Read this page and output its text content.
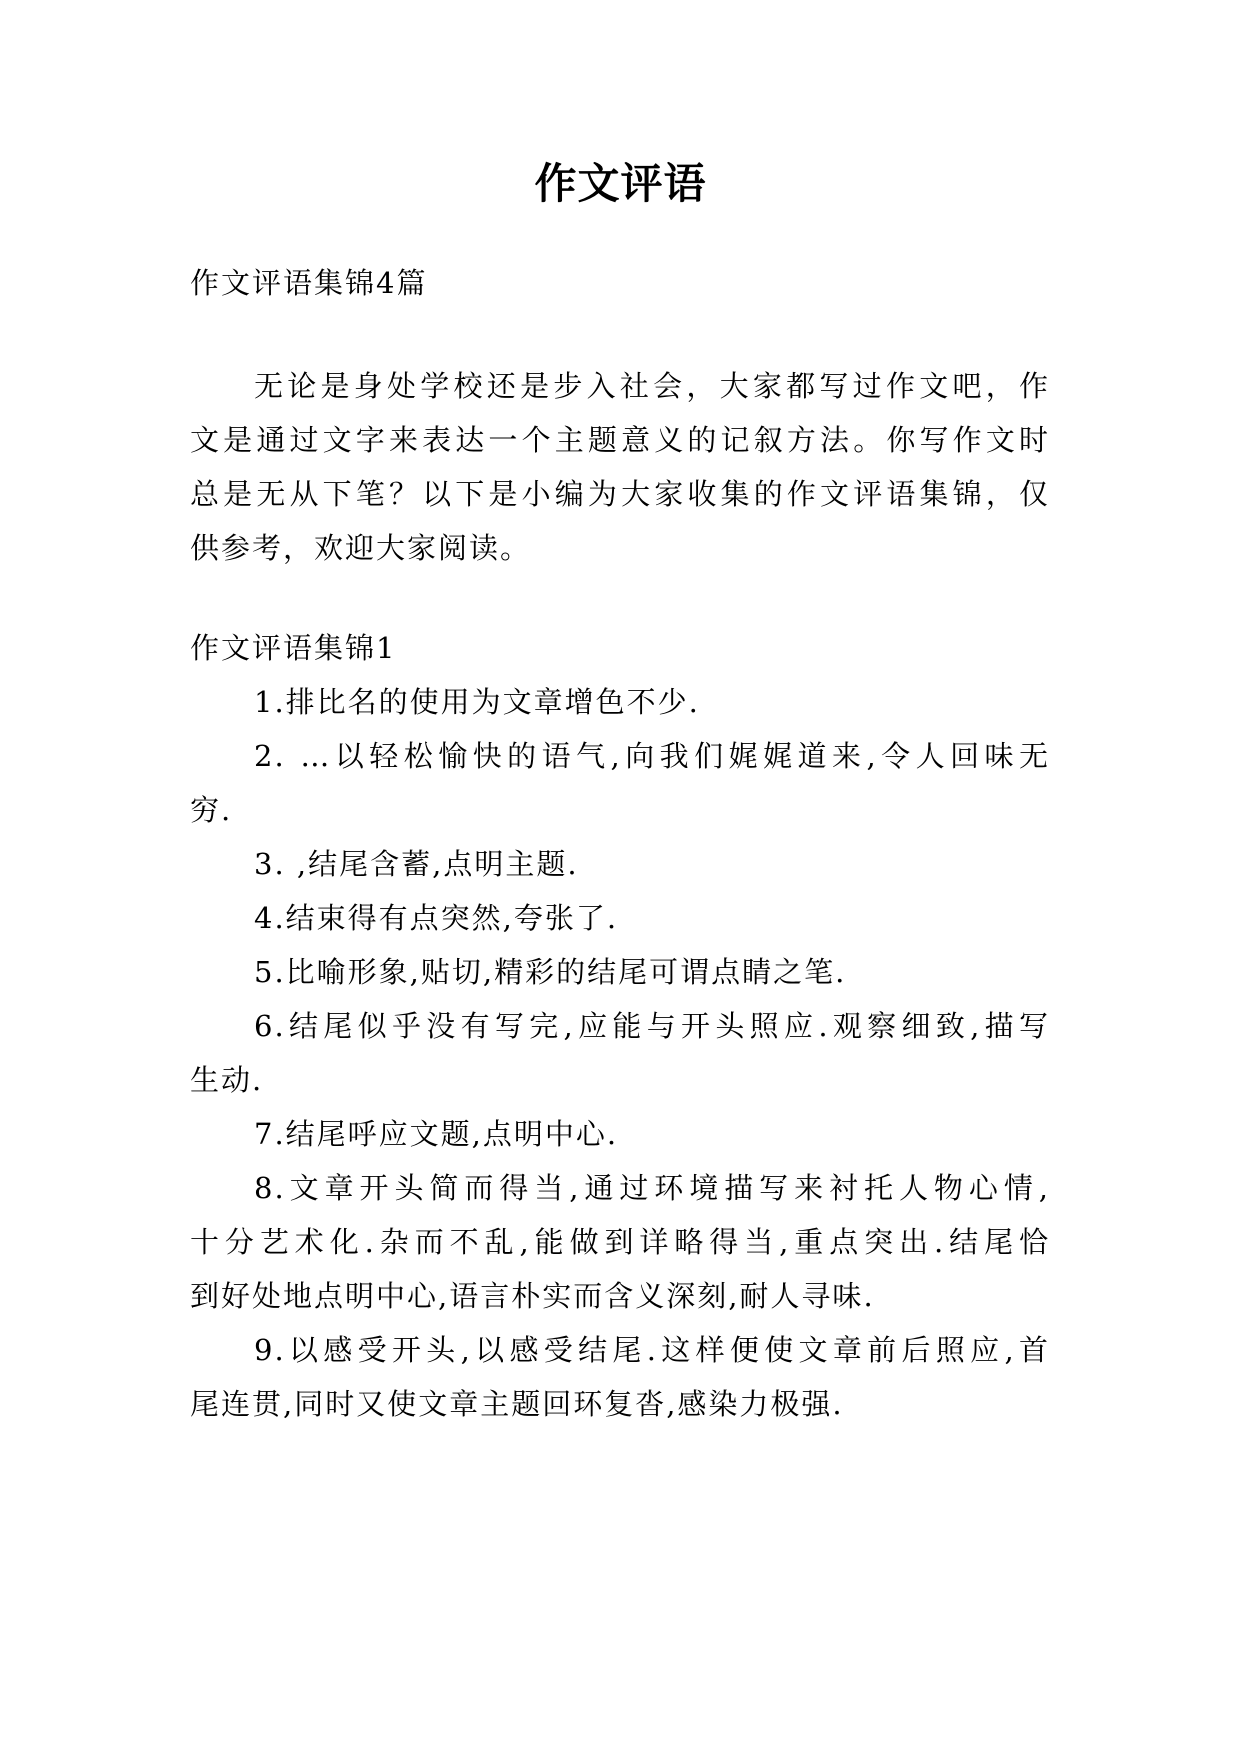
作文评语
作文评语集锦4篇
无论是身处学校还是步入社会，大家都写过作文吧，作
文是通过文字来表达一个主题意义的记叙方法。你写作文时
总是无从下笔？以下是小编为大家收集的作文评语集锦，仅
供参考，欢迎大家阅读。
作文评语集锦1
1.排比名的使用为文章增色不少.
2. …以轻松愉快的语气,向我们娓娓道来,令人回味无
穷.
3. ,结尾含蓄,点明主题.
4.结束得有点突然,夸张了.
5.比喻形象,贴切,精彩的结尾可谓点睛之笔.
6.结尾似乎没有写完,应能与开头照应.观察细致,描写
生动.
7.结尾呼应文题,点明中心.
8.文章开头简而得当,通过环境描写来衬托人物心情,
十分艺术化.杂而不乱,能做到详略得当,重点突出.结尾恰
到好处地点明中心,语言朴实而含义深刻,耐人寻味.
9.以感受开头,以感受结尾.这样便使文章前后照应,首
尾连贯,同时又使文章主题回环复沓,感染力极强.
